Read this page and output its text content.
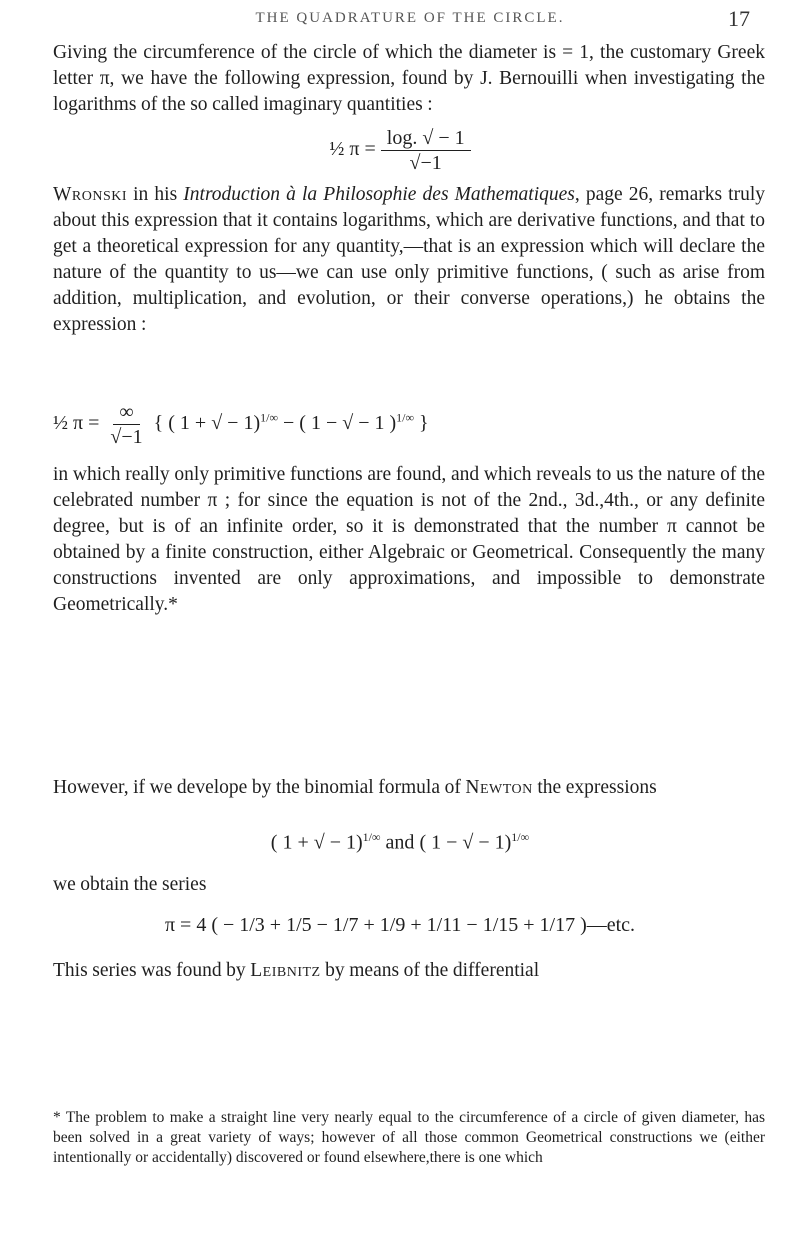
THE QUADRATURE OF THE CIRCLE.	17
Giving the circumference of the circle of which the diameter is = 1, the customary Greek letter π, we have the following expression, found by J. Bernouilli when investigating the logarithms of the so called imaginary quantities :
½ $\pi = \frac{\log. √ - 1}{√-1}$
Wronski in his Introduction à la Philosophie des Mathematiques, page 26, remarks truly about this expression that it contains logarithms, which are derivative functions, and that to get a theoretical expression for any quantity,—that is an expression which will declare the nature of the quantity to us—we can use only primitive functions, ( such as arise from addition, multiplication, and evolution, or their converse operations,) he obtains the expression :
½ $\pi = \frac{\infty}{√-1}$ { ( 1 + √ − 1)$^{1/\infty}$ − ( 1 − √ − 1 )$^{1/\infty}$ }
in which really only primitive functions are found, and which reveals to us the nature of the celebrated number π ; for since the equation is not of the 2nd., 3d.,4th., or any definite degree, but is of an infinite order, so it is demonstrated that the number π cannot be obtained by a finite construction, either Algebraic or Geometrical. Consequently the many constructions invented are only approximations, and impossible to demonstrate Geometrically.*
However, if we develope by the binomial formula of Newton the expressions
( 1 + √ − 1)$^{1/\infty}$ and ( 1 − √ − 1)$^{1/\infty}$
we obtain the series
π = 4 ( − 1/3 + 1/5 − 1/7 + 1/9 + 1/11 − 1/15 + 1/17 )—etc.
This series was found by Leibnitz by means of the differential
* The problem to make a straight line very nearly equal to the circumference of a circle of given diameter, has been solved in a great variety of ways; however of all those common Geometrical constructions we (either intentionally or accidentally) discovered or found elsewhere,there is one which
